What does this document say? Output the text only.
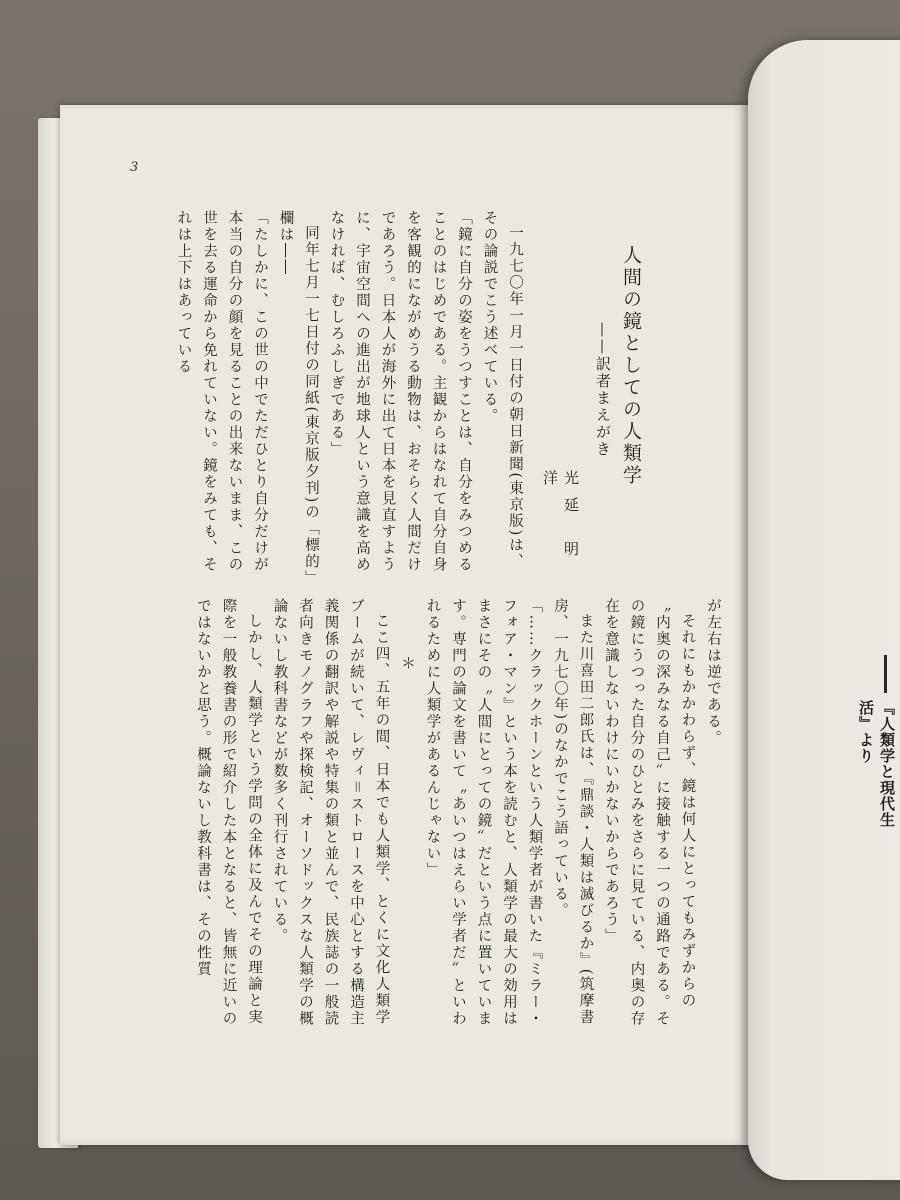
『人類学と現代生活』より
3
人間の鏡としての人類学
——訳者まえがき
光延 明洋

一九七〇年一月一日付の朝日新聞(東京版)は、その論説でこう述べている。

「鏡に自分の姿をうつすことは、自分をみつめることのはじめである。主観からはなれて自分自身を客観的にながめうる動物は、おそらく人間だけであろう。日本人が海外に出て日本を見直すように、宇宙空間への進出が地球人という意識を高めなければ、むしろふしぎである」

同年七月一七日付の同紙(東京版夕刊)の「標的」欄は――

「たしかに、この世の中でただひとり自分だけが本当の自分の顔を見ることの出来ないまま、この世を去る運命から免れていない。鏡をみても、それは上下はあっている

が左右は逆である。

それにもかかわらず、鏡は何人にとってもみずからの〝内奥の深みなる自己〟に接触する一つの通路である。その鏡にうつった自分のひとみをさらに見ている、内奥の存在を意識しないわけにいかないからであろう」

また川喜田二郎氏は、『鼎談・人類は滅びるか』(筑摩書房、一九七〇年)のなかでこう語っている。

「……クラックホーンという人類学者が書いた『ミラー・フォア・マン』という本を読むと、人類学の最大の効用はまさにその〝人間にとっての鏡〟だという点に置いています。専門の論文を書いて〝あいつはえらい学者だ〟といわれるために人類学があるんじゃない」

＊

ここ四、五年の間、日本でも人類学、とくに文化人類学ブームが続いて、レヴィ＝ストロースを中心とする構造主義関係の翻訳や解説や特集の類と並んで、民族誌の一般読者向きモノグラフや探検記、オーソドックスな人類学の概論ないし教科書などが数多く刊行されている。

しかし、人類学という学問の全体に及んでその理論と実際を一般教養書の形で紹介した本となると、皆無に近いのではないかと思う。概論ないし教科書は、その性質
